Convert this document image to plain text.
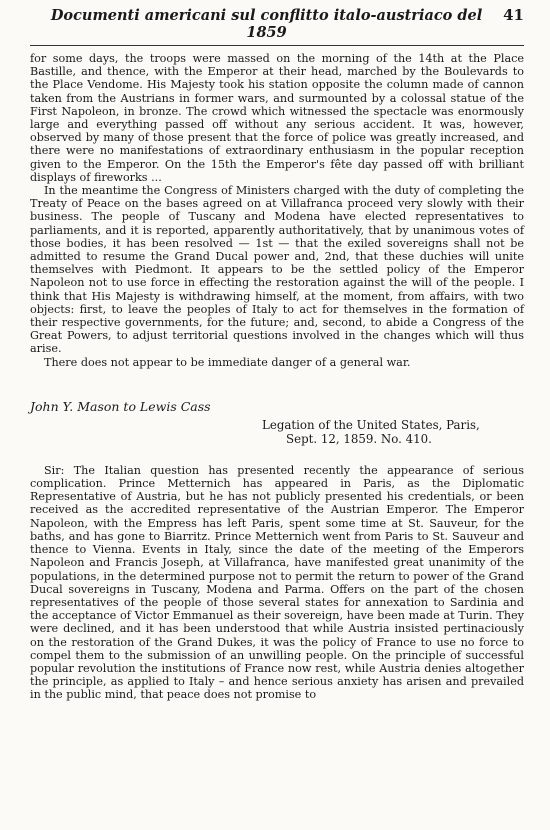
Documenti americani sul conflitto italo-austriaco del 1859
41

for some days, the troops were massed on the morning of the 14th at the Place Bastille, and thence, with the Emperor at their head, marched by the Boulevards to the Place Vendome. His Majesty took his station opposite the column made of cannon taken from the Austrians in former wars, and surmounted by a colossal statue of the First Napoleon, in bronze. The crowd which witnessed the spectacle was enormously large and everything passed off without any serious accident. It was, however, observed by many of those present that the force of police was greatly increased, and there were no manifestations of extraordinary enthusiasm in the popular reception given to the Emperor. On the 15th the Emperor's fête day passed off with brilliant displays of fireworks ...

In the meantime the Congress of Ministers charged with the duty of completing the Treaty of Peace on the bases agreed on at Villafranca proceed very slowly with their business. The people of Tuscany and Modena have elected representatives to parliaments, and it is reported, apparently authoritatively, that by unanimous votes of those bodies, it has been resolved — 1st — that the exiled sovereigns shall not be admitted to resume the Grand Ducal power and, 2nd, that these duchies will unite themselves with Piedmont. It appears to be the settled policy of the Emperor Napoleon not to use force in effecting the restoration against the will of the people. I think that His Majesty is withdrawing himself, at the moment, from affairs, with two objects: first, to leave the peoples of Italy to act for themselves in the formation of their respective governments, for the future; and, second, to abide a Congress of the Great Powers, to adjust territorial questions involved in the changes which will thus arise.

There does not appear to be immediate danger of a general war.

John Y. Mason to Lewis Cass
Legation of the United States, Paris,
Sept. 12, 1859. No. 410.

Sir: The Italian question has presented recently the appearance of serious complication. Prince Metternich has appeared in Paris, as the Diplomatic Representative of Austria, but he has not publicly presented his credentials, or been received as the accredited representative of the Austrian Emperor. The Emperor Napoleon, with the Empress has left Paris, spent some time at St. Sauveur, for the baths, and has gone to Biarritz. Prince Metternich went from Paris to St. Sauveur and thence to Vienna. Events in Italy, since the date of the meeting of the Emperors Napoleon and Francis Joseph, at Villafranca, have manifested great unanimity of the populations, in the determined purpose not to permit the return to power of the Grand Ducal sovereigns in Tuscany, Modena and Parma. Offers on the part of the chosen representatives of the people of those several states for annexation to Sardinia and the acceptance of Victor Emmanuel as their sovereign, have been made at Turin. They were declined, and it has been understood that while Austria insisted pertinaciously on the restoration of the Grand Dukes, it was the policy of France to use no force to compel them to the submission of an unwilling people. On the principle of successful popular revolution the institutions of France now rest, while Austria denies altogether the principle, as applied to Italy – and hence serious anxiety has arisen and prevailed in the public mind, that peace does not promise to
